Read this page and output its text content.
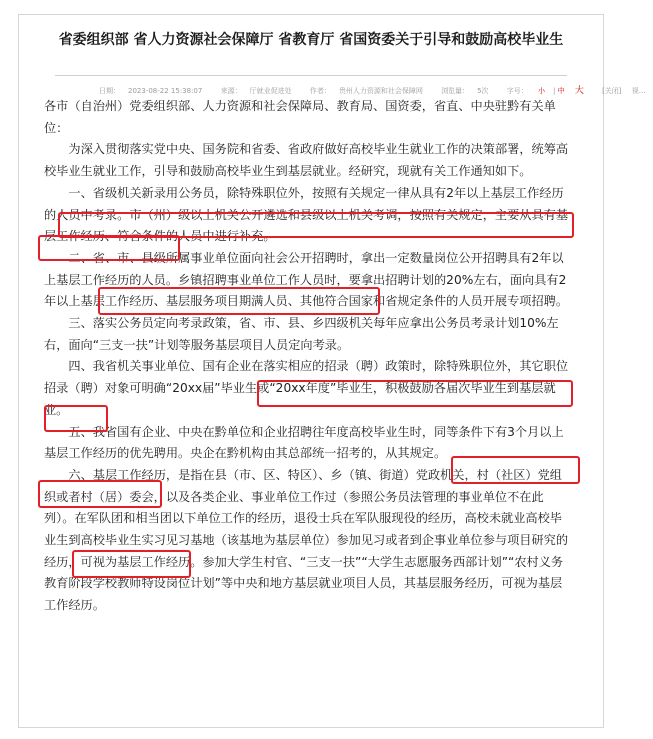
省委组织部 省人力资源社会保障厅 省教育厅 省国资委关于引导和鼓励高校毕业生
日期： 2023-08-22 15:38:07	来源： 厅就业促进处	作者： 贵州人力资源和社会保障网	浏览量： 5次	字号： 小 | 中 大	[关闭] 视...

各市（自治州）党委组织部、人力资源和社会保障局、教育局、国资委，省直、中央驻黔有关单位：

为深入贯彻落实党中央、国务院和省委、省政府做好高校毕业生就业工作的决策部署，统筹高校毕业生就业工作，引导和鼓励高校毕业生到基层就业。经研究，现就有关工作通知如下。

一、省级机关新录用公务员，除特殊职位外，按照有关规定一律从具有2年以上基层工作经历的人员中考录。市（州）级以上机关公开遴选和县级以上机关考调，按照有关规定，主要从具有基层工作经历、符合条件的人员中进行补充。

二、省、市、县级所属事业单位面向社会公开招聘时，拿出一定数量岗位公开招聘具有2年以上基层工作经历的人员。乡镇招聘事业单位工作人员时，要拿出招聘计划的20%左右，面向具有2年以上基层工作经历、基层服务项目期满人员、其他符合国家和省规定条件的人员开展专项招聘。

三、落实公务员定向考录政策，省、市、县、乡四级机关每年应拿出公务员考录计划10%左右，面向“三支一扶”计划等服务基层项目人员定向考录。

四、我省机关事业单位、国有企业在落实相应的招录（聘）政策时，除特殊职位外，其它职位招录（聘）对象可明确“20xx届”毕业生或“20xx年度”毕业生，积极鼓励各届次毕业生到基层就业。

五、我省国有企业、中央在黔单位和企业招聘往年度高校毕业生时，同等条件下有3个月以上基层工作经历的优先聘用。央企在黔机构由其总部统一招考的，从其规定。

六、基层工作经历，是指在县（市、区、特区）、乡（镇、街道）党政机关，村（社区）党组织或者村（居）委会，以及各类企业、事业单位工作过（参照公务员法管理的事业单位不在此列）。在军队团和相当团以下单位工作的经历，退役士兵在军队服现役的经历，高校未就业高校毕业生到高校毕业生实习见习基地（该基地为基层单位）参加见习或者到企事业单位参与项目研究的经历，可视为基层工作经历。参加大学生村官、“三支一扶”“大学生志愿服务西部计划”“农村义务教育阶段学校教师特设岗位计划”等中央和地方基层就业项目人员，其基层服务经历，可视为基层工作经历。
